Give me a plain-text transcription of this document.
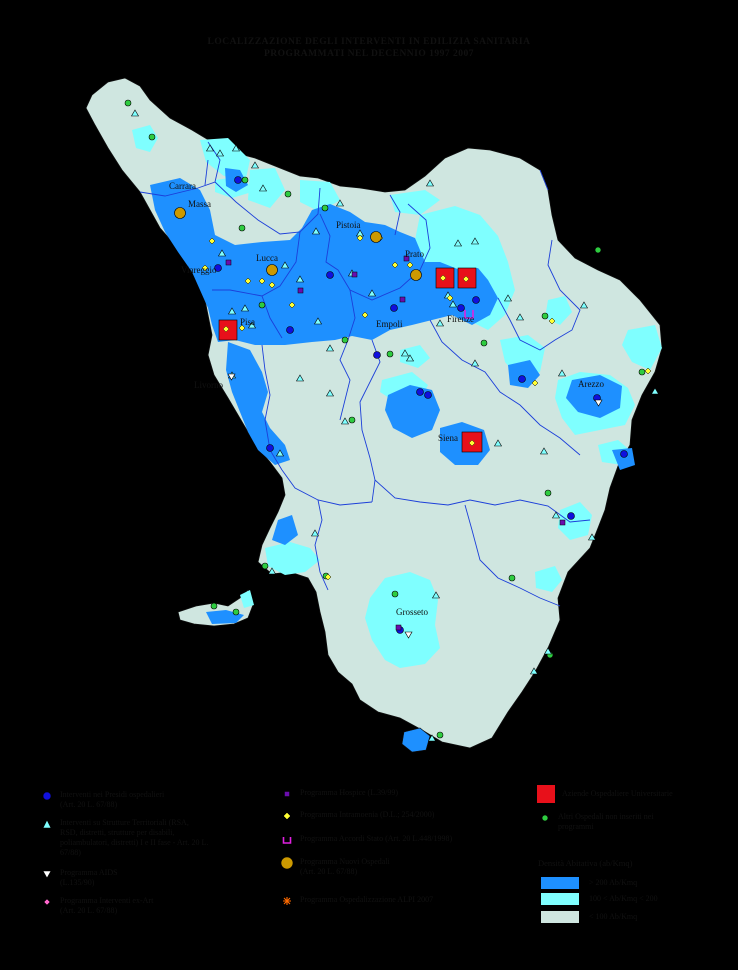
LOCALIZZAZIONE DEGLI INTERVENTI IN EDILIZIA SANITARIA
PROGRAMMATI NEL DECENNIO 1997 2007
Carrara
Massa
Pistoia
Prato
Lucca
Viareggio
Pisa	Firenze
Empoli
Livorno	Arezzo
Siena
Grosseto
Interventi nei Presidi ospedalieri
(Art. 20 L. 67/88)
Interventi su Strutture Territoriali (RSA,
RSD, distretti, strutture per disabili,
poliambulatori, distretti) I e II fase - Art. 20 L.
67/88)
Programma AIDS
(L.135/90)
Programma Interventi ex-Art
(Art. 20 L. 67/88)
Programma Hospice (L.39/99)
Programma Intramoenia (D.L.; 254/2000)
Programma Accordi Stato (Art. 20 L.448/1998)
Programma Nuovi Ospedali
(Art. 20 L. 67/88)
Programma Ospedalizzazione ALPI 2007
Aziende Ospedaliere Universitarie
Altri Ospedali non inseriti nei
programmi
Densità Abitativa (ab/Kmq)
> 200 Ab/Kmq
100 < Ab/Kmq < 200
< 100 Ab/Kmq
